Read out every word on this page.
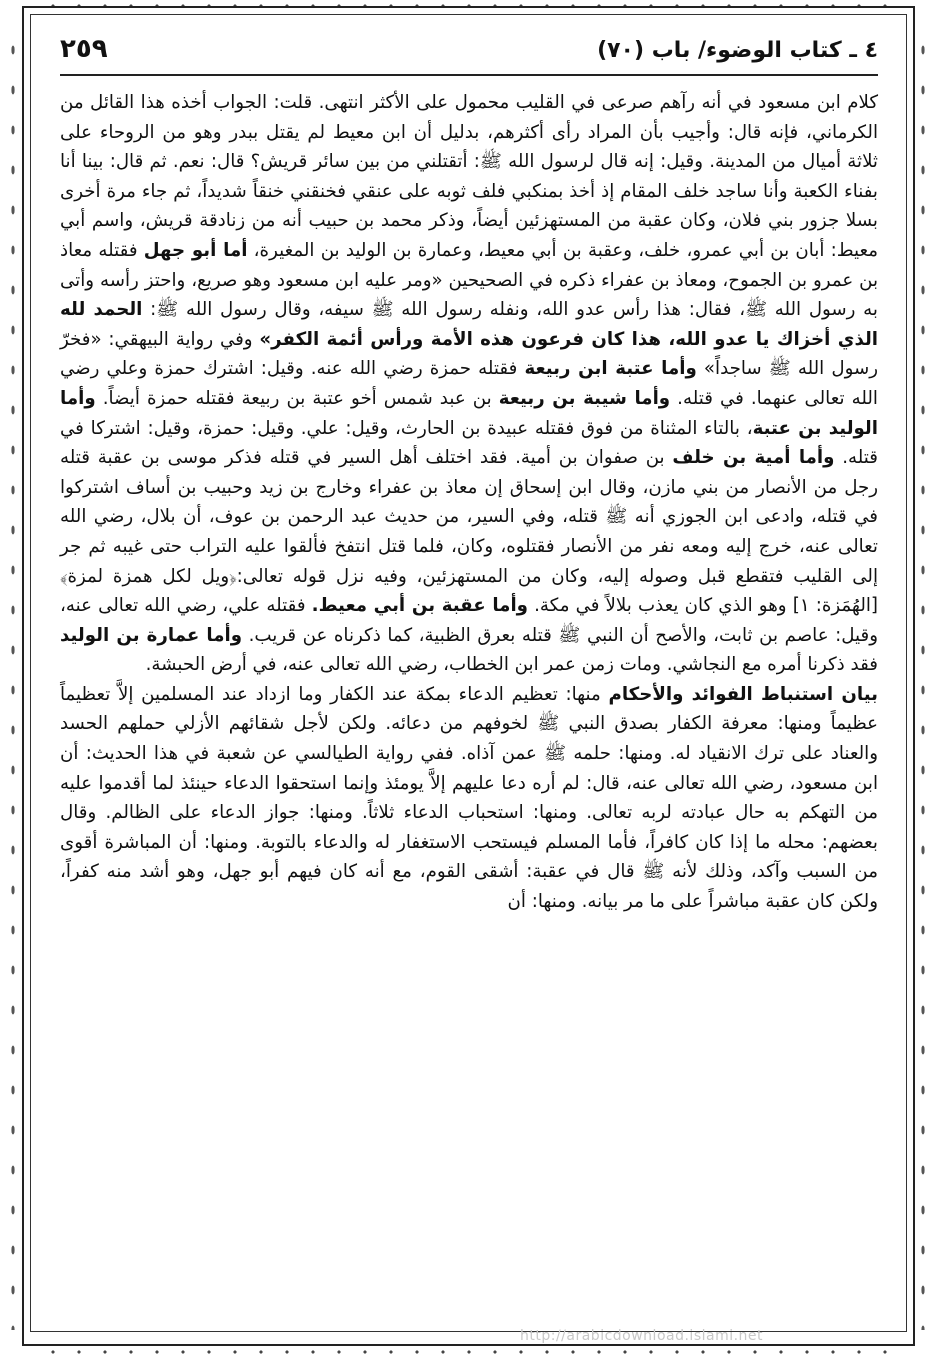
٤ ـ كتاب الوضوء/ باب (٧٠)
٢٥٩

كلام ابن مسعود في أنه رآهم صرعى في القليب محمول على الأكثر انتهى. قلت: الجواب أخذه هذا القائل من الكرماني، فإنه قال: وأجيب بأن المراد رأى أكثرهم، بدليل أن ابن معيط لم يقتل ببدر وهو من الروحاء على ثلاثة أميال من المدينة. وقيل: إنه قال لرسول الله ﷺ: أتقتلني من بين سائر قريش؟ قال: نعم. ثم قال: بينا أنا بفناء الكعبة وأنا ساجد خلف المقام إذ أخذ بمنكبي فلف ثوبه على عنقي فخنقني خنقاً شديداً، ثم جاء مرة أخرى بسلا جزور بني فلان، وكان عقبة من المستهزئين أيضاً، وذكر محمد بن حبيب أنه من زنادقة قريش، واسم أبي معيط: أبان بن أبي عمرو، خلف، وعقبة بن أبي معيط، وعمارة بن الوليد بن المغيرة، أما أبو جهل فقتله معاذ بن عمرو بن الجموح، ومعاذ بن عفراء ذكره في الصحيحين «ومر عليه ابن مسعود وهو صريع، واحتز رأسه وأتى به رسول الله ﷺ، فقال: هذا رأس عدو الله، ونفله رسول الله ﷺ سيفه، وقال رسول الله ﷺ: الحمد لله الذي أخزاك يا عدو الله، هذا كان فرعون هذه الأمة ورأس أئمة الكفر» وفي رواية البيهقي: «فخرّ رسول الله ﷺ ساجداً» وأما عتبة ابن ربيعة فقتله حمزة رضي الله عنه. وقيل: اشترك حمزة وعلي رضي الله تعالى عنهما. في قتله. وأما شيبة بن ربيعة بن عبد شمس أخو عتبة بن ربيعة فقتله حمزة أيضاً. وأما الوليد بن عتبة، بالتاء المثناة من فوق فقتله عبيدة بن الحارث، وقيل: علي. وقيل: حمزة، وقيل: اشتركا في قتله. وأما أمية بن خلف بن صفوان بن أمية. فقد اختلف أهل السير في قتله فذكر موسى بن عقبة قتله رجل من الأنصار من بني مازن، وقال ابن إسحاق إن معاذ بن عفراء وخارج بن زيد وحبيب بن أساف اشتركوا في قتله، وادعى ابن الجوزي أنه ﷺ قتله، وفي السير، من حديث عبد الرحمن بن عوف، أن بلال، رضي الله تعالى عنه، خرج إليه ومعه نفر من الأنصار فقتلوه، وكان، فلما قتل انتفخ فألقوا عليه التراب حتى غيبه ثم جر إلى القليب فتقطع قبل وصوله إليه، وكان من المستهزئين، وفيه نزل قوله تعالى:﴿ويل لكل همزة لمزة﴾ [الهُمَزة: ١] وهو الذي كان يعذب بلالاً في مكة. وأما عقبة بن أبي معيط. فقتله علي، رضي الله تعالى عنه، وقيل: عاصم بن ثابت، والأصح أن النبي ﷺ قتله بعرق الظبية، كما ذكرناه عن قريب. وأما عمارة بن الوليد فقد ذكرنا أمره مع النجاشي. ومات زمن عمر ابن الخطاب، رضي الله تعالى عنه، في أرض الحبشة.

بيان استنباط الفوائد والأحكام منها: تعظيم الدعاء بمكة عند الكفار وما ازداد عند المسلمين إلاَّ تعظيماً عظيماً ومنها: معرفة الكفار بصدق النبي ﷺ لخوفهم من دعائه. ولكن لأجل شقائهم الأزلي حملهم الحسد والعناد على ترك الانقياد له. ومنها: حلمه ﷺ عمن آذاه. ففي رواية الطيالسي عن شعبة في هذا الحديث: أن ابن مسعود، رضي الله تعالى عنه، قال: لم أره دعا عليهم إلاَّ يومئذ وإنما استحقوا الدعاء حينئذ لما أقدموا عليه من التهكم به حال عبادته لربه تعالى. ومنها: استحباب الدعاء ثلاثاً. ومنها: جواز الدعاء على الظالم. وقال بعضهم: محله ما إذا كان كافراً، فأما المسلم فيستحب الاستغفار له والدعاء بالتوبة. ومنها: أن المباشرة أقوى من السبب وآكد، وذلك لأنه ﷺ قال في عقبة: أشقى القوم، مع أنه كان فيهم أبو جهل، وهو أشد منه كفراً، ولكن كان عقبة مباشراً على ما مر بيانه. ومنها: أن

http://arabicdownload.islami.net
